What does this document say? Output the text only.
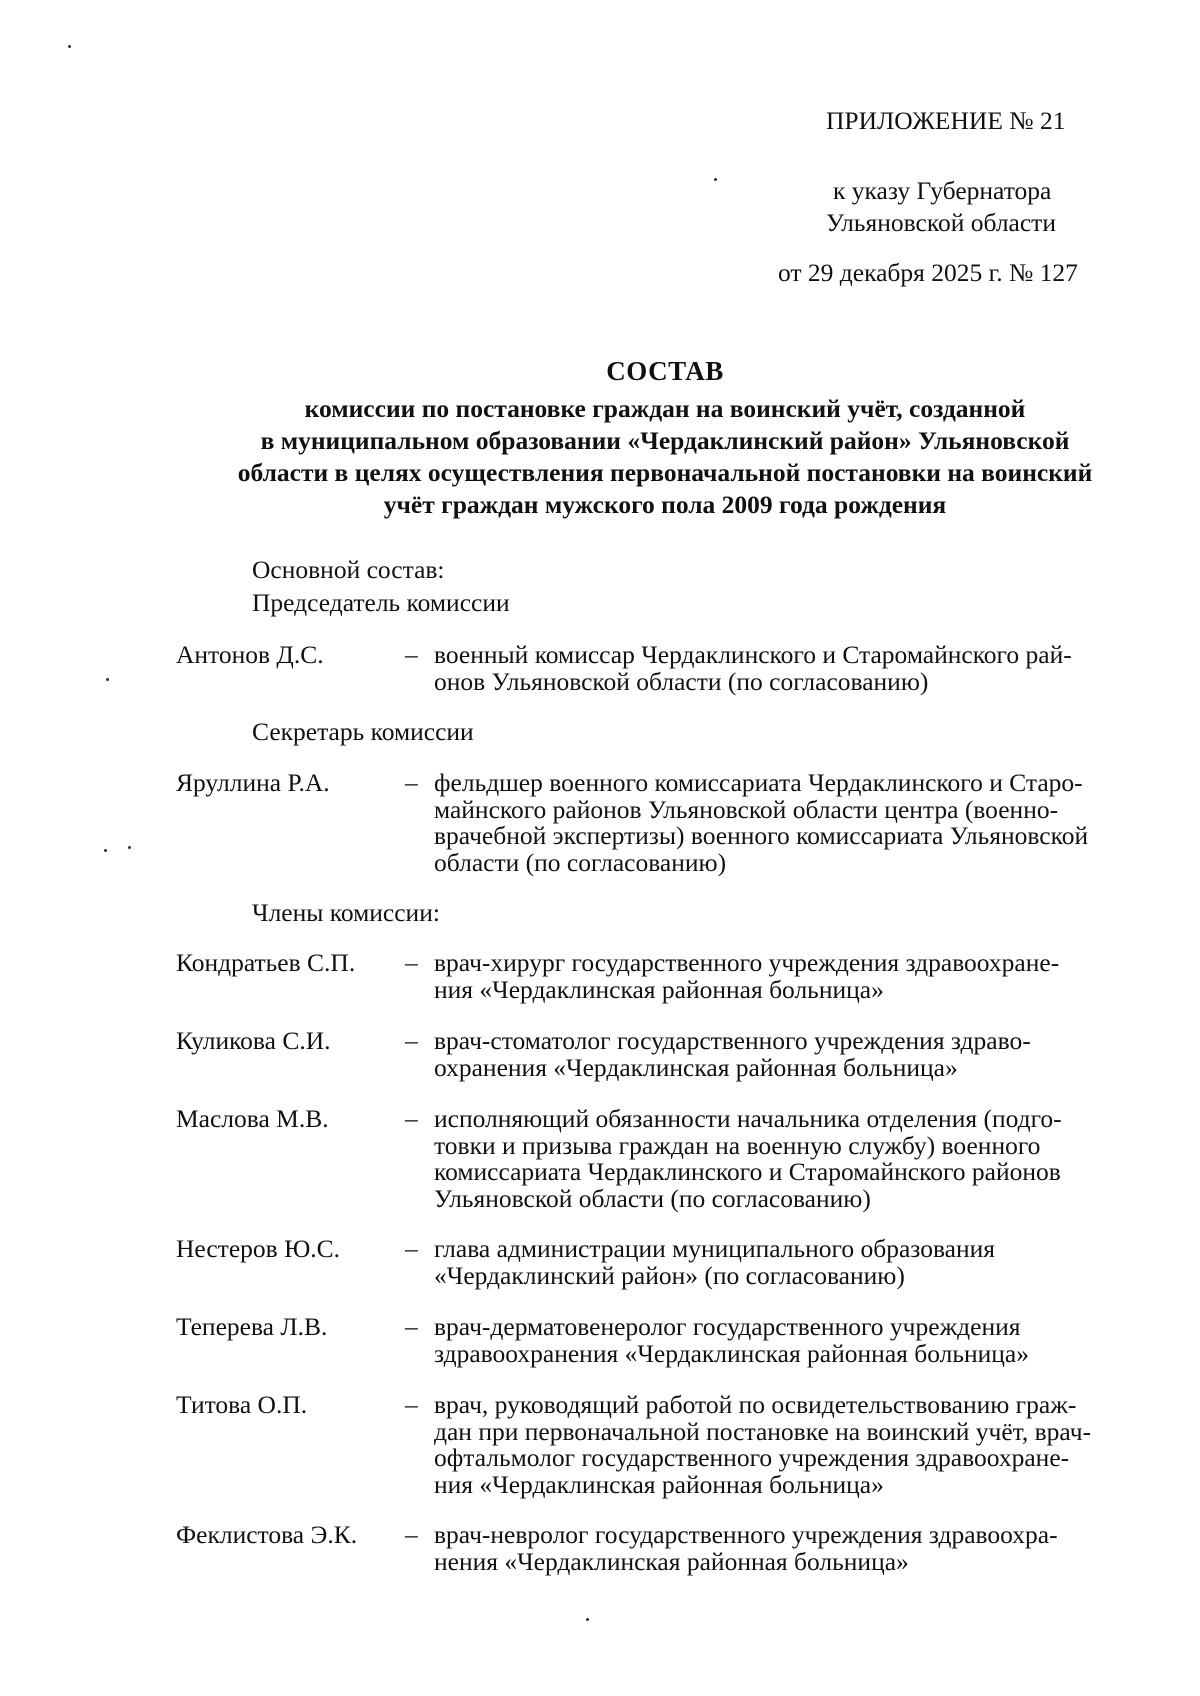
ПРИЛОЖЕНИЕ № 21
к указу Губернатора
Ульяновской области
от 29 декабря 2025 г. № 127
СОСТАВ

комиссии по постановке граждан на воинский учёт, созданной
в муниципальном образовании «Чердаклинский район» Ульяновской
области в целях осуществления первоначальной постановки на воинский
учёт граждан мужского пола 2009 года рождения

Основной состав:
Председатель комиссии
Антонов Д.С.	– военный комиссар Чердаклинского и Старомайнского рай-
онов Ульяновской области (по согласованию)
Секретарь комиссии
Яруллина Р.А.	– фельдшер военного комиссариата Чердаклинского и Старо-
майнского районов Ульяновской области центра (военно-
врачебной экспертизы) военного комиссариата Ульяновской
области (по согласованию)
Члены комиссии:
Кондратьев С.П.	– врач-хирург государственного учреждения здравоохране-
ния «Чердаклинская районная больница»
Куликова С.И.	– врач-стоматолог государственного учреждения здраво-
охранения «Чердаклинская районная больница»
Маслова М.В.	– исполняющий обязанности начальника отделения (подго-
товки и призыва граждан на военную службу) военного
комиссариата Чердаклинского и Старомайнского районов
Ульяновской области (по согласованию)
Нестеров Ю.С.	– глава администрации муниципального образования
«Чердаклинский район» (по согласованию)
Теперева Л.В.	– врач-дерматовенеролог государственного учреждения
здравоохранения «Чердаклинская районная больница»
Титова О.П.	– врач, руководящий работой по освидетельствованию граж-
дан при первоначальной постановке на воинский учёт, врач-
офтальмолог государственного учреждения здравоохране-
ния «Чердаклинская районная больница»
Феклистова Э.К.	– врач-невролог государственного учреждения здравоохра-
нения «Чердаклинская районная больница»
